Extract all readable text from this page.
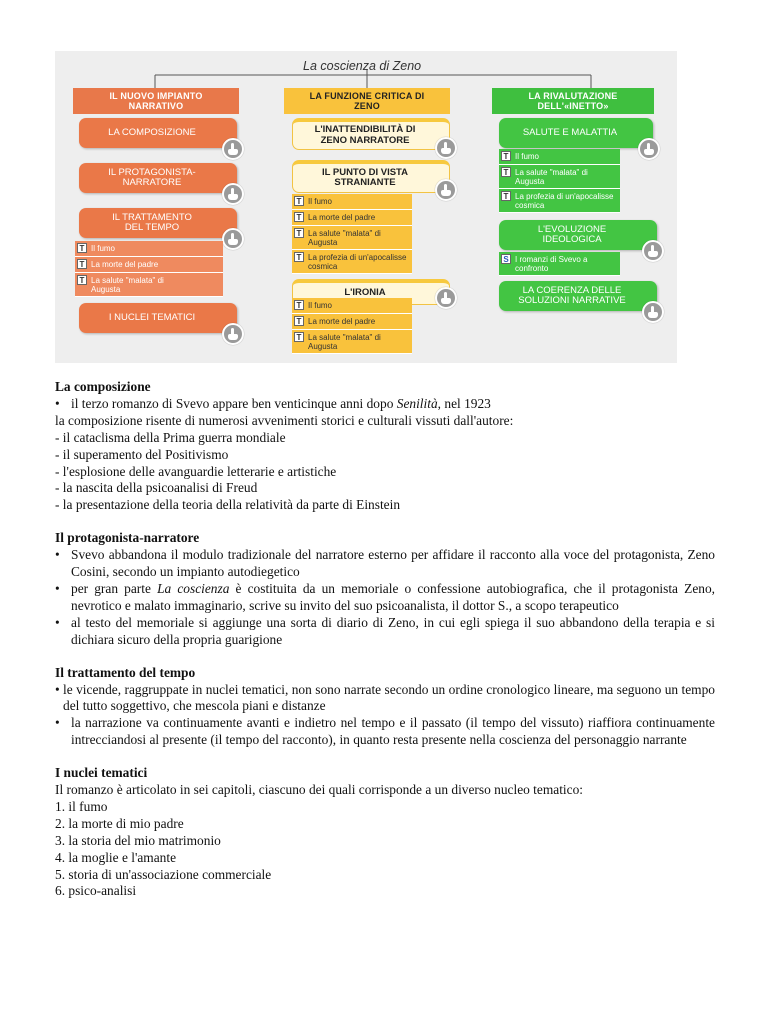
La coscienza di Zeno
IL NUOVO IMPIANTO NARRATIVO
LA COMPOSIZIONE
IL PROTAGONISTA-NARRATORE
IL TRATTAMENTO DEL TEMPO
T Il fumo
T La morte del padre
T La salute "malata" di Augusta
I NUCLEI TEMATICI
LA FUNZIONE CRITICA DI ZENO
L'INATTENDIBILITÀ DI ZENO NARRATORE
IL PUNTO DI VISTA STRANIANTE
T Il fumo
T La morte del padre
T La salute "malata" di Augusta
T La profezia di un'apocalisse cosmica
L'IRONIA
T Il fumo
T La morte del padre
T La salute "malata" di Augusta
LA RIVALUTAZIONE DELL'«INETTO»
SALUTE E MALATTIA
T Il fumo
T La salute "malata" di Augusta
T La profezia di un'apocalisse cosmica
L'EVOLUZIONE IDEOLOGICA
S I romanzi di Svevo a confronto
LA COERENZA DELLE SOLUZIONI NARRATIVE
La composizione
• il terzo romanzo di Svevo appare ben venticinque anni dopo Senilità, nel 1923

la composizione risente di numerosi avvenimenti storici e culturali vissuti dall'autore:

- il cataclisma della Prima guerra mondiale

- il superamento del Positivismo

- l'esplosione delle avanguardie letterarie e artistiche

- la nascita della psicoanalisi di Freud

- la presentazione della teoria della relatività da parte di Einstein

Il protagonista-narratore
• Svevo abbandona il modulo tradizionale del narratore esterno per affidare il racconto alla voce del protagonista, Zeno Cosini, secondo un impianto autodiegetico
• per gran parte La coscienza è costituita da un memoriale o confessione autobiografica, che il protagonista Zeno, nevrotico e malato immaginario, scrive su invito del suo psicoanalista, il dottor S., a scopo terapeutico
• al testo del memoriale si aggiunge una sorta di diario di Zeno, in cui egli spiega il suo abbandono della terapia e si dichiara sicuro della propria guarigione
Il trattamento del tempo
• le vicende, raggruppate in nuclei tematici, non sono narrate secondo un ordine cronologico lineare, ma seguono un tempo del tutto soggettivo, che mescola piani e distanze
• la narrazione va continuamente avanti e indietro nel tempo e il passato (il tempo del vissuto) riaffiora continuamente intrecciandosi al presente (il tempo del racconto), in quanto resta presente nella coscienza del personaggio narrante
I nuclei tematici

Il romanzo è articolato in sei capitoli, ciascuno dei quali corrisponde a un diverso nucleo tematico:

1. il fumo

2. la morte di mio padre

3. la storia del mio matrimonio

4. la moglie e l'amante

5. storia di un'associazione commerciale

6. psico-analisi
